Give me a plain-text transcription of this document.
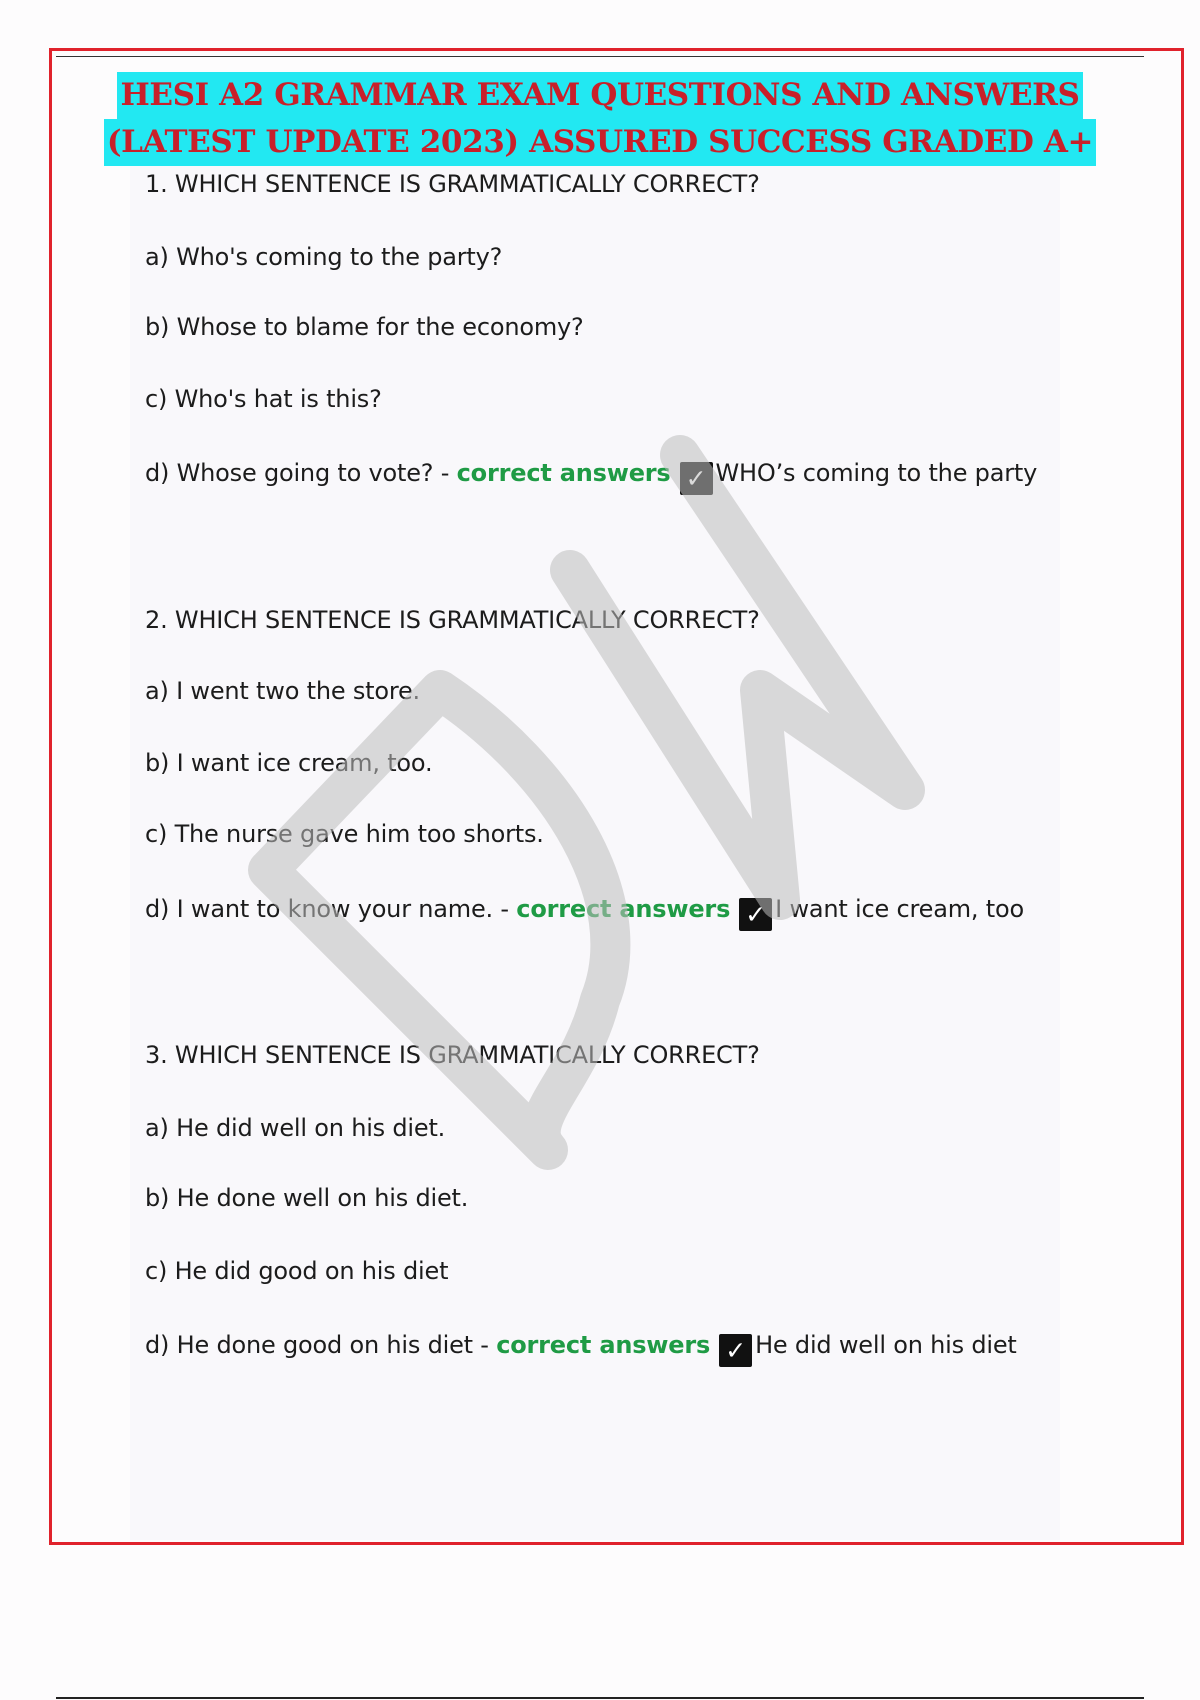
HESI A2 GRAMMAR EXAM QUESTIONS AND ANSWERS
(LATEST UPDATE 2023) ASSURED SUCCESS GRADED A+
1. WHICH SENTENCE IS GRAMMATICALLY CORRECT?
a) Who's coming to the party?
b) Whose to blame for the economy?
c) Who's hat is this?
d) Whose going to vote? - correct answers ✓ WHO’s coming to the party
2. WHICH SENTENCE IS GRAMMATICALLY CORRECT?
a) I went two the store.
b) I want ice cream, too.
c) The nurse gave him too shorts.
d) I want to know your name. - correct answers ✓ I want ice cream, too
3. WHICH SENTENCE IS GRAMMATICALLY CORRECT?
a) He did well on his diet.
b) He done well on his diet.
c) He did good on his diet
d) He done good on his diet - correct answers ✓ He did well on his diet
